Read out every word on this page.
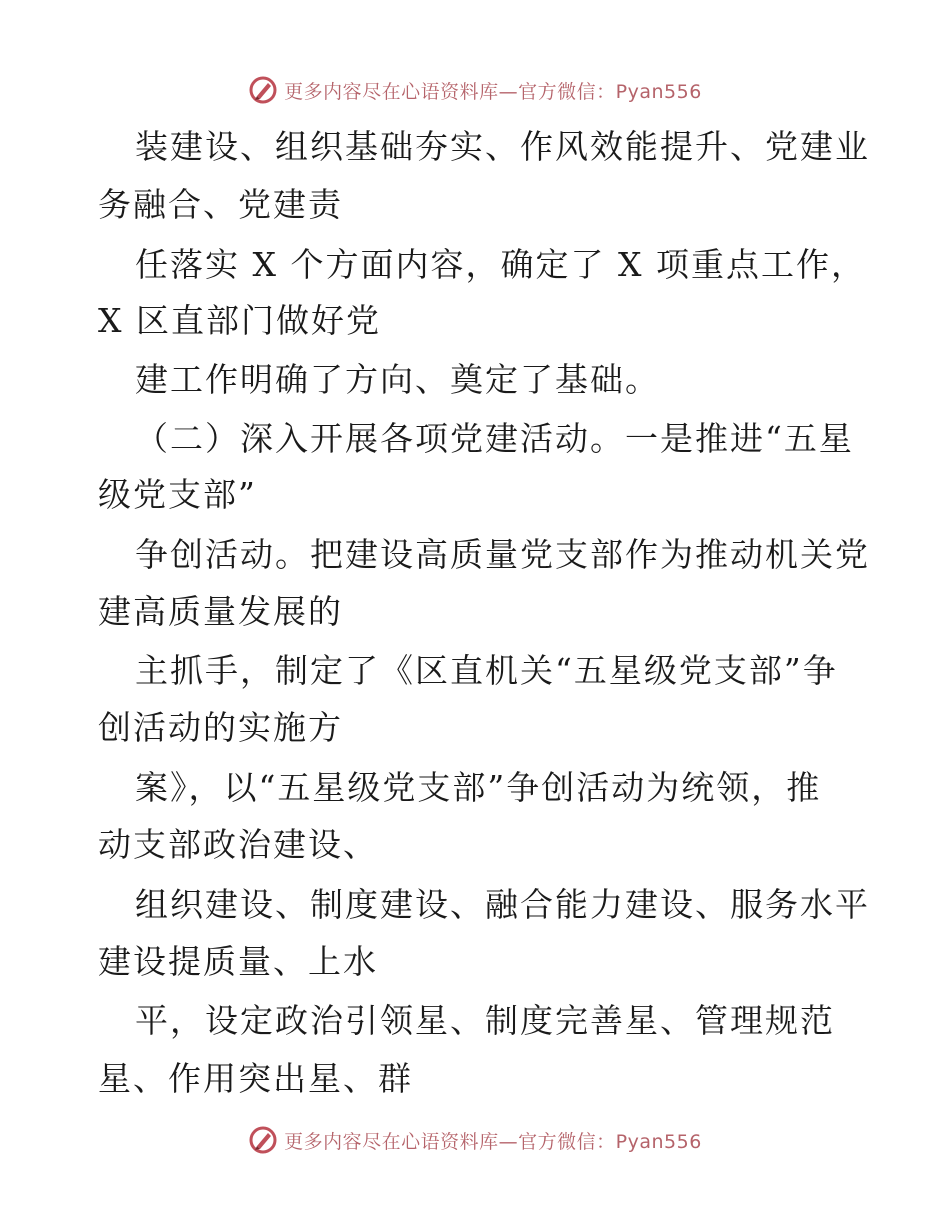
更多内容尽在心语资料库—官方微信：Pyan556
装建设、组织基础夯实、作风效能提升、党建业
务融合、党建责
任落实 X 个方面内容，确定了 X 项重点工作，
X 区直部门做好党
建工作明确了方向、奠定了基础。
（二）深入开展各项党建活动。一是推进“五星
级党支部”
争创活动。把建设高质量党支部作为推动机关党
建高质量发展的
主抓手，制定了《区直机关“五星级党支部”争
创活动的实施方
案》，以“五星级党支部”争创活动为统领，推
动支部政治建设、
组织建设、制度建设、融合能力建设、服务水平
建设提质量、上水
平，设定政治引领星、制度完善星、管理规范
星、作用突出星、群
更多内容尽在心语资料库—官方微信：Pyan556
